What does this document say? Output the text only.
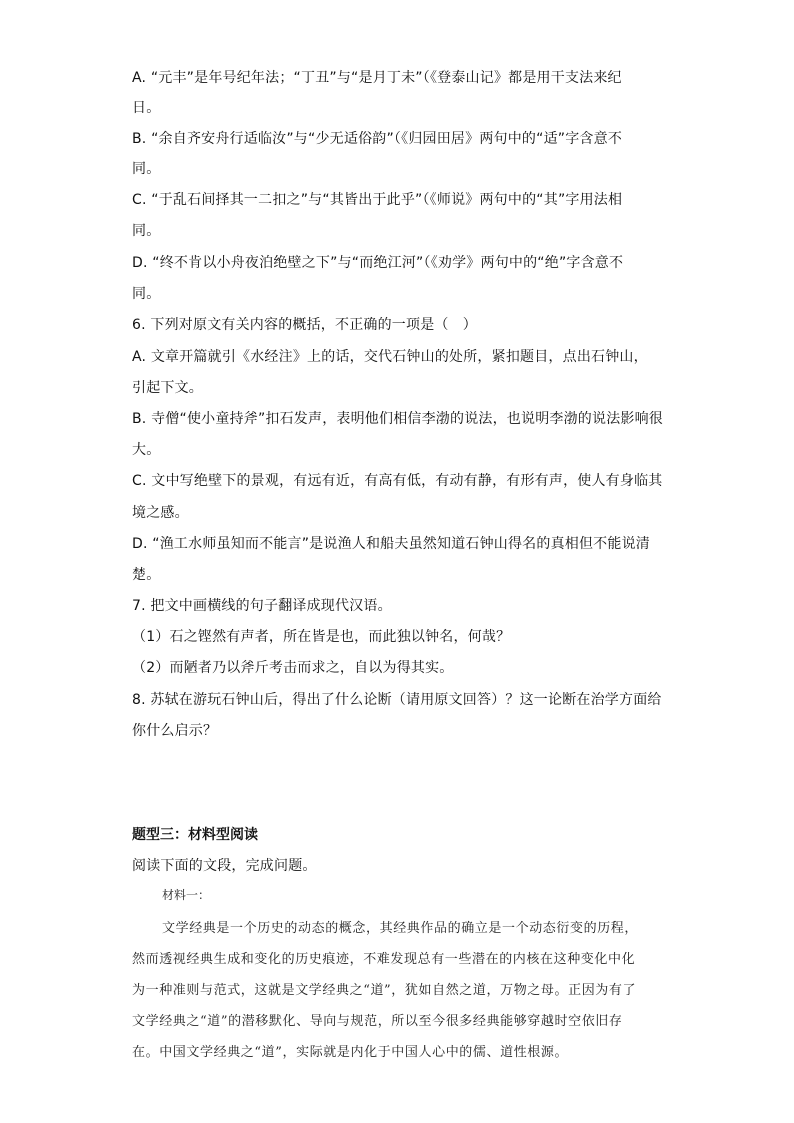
A. “元丰”是年号纪年法；“丁丑”与“是月丁未”（《登泰山记》都是用干支法来纪
日。
B. “余自齐安舟行适临汝”与“少无适俗韵”（《归园田居》两句中的“适”字含意不
同。
C. “于乱石间择其一二扣之”与“其皆出于此乎”（《师说》两句中的“其”字用法相
同。
D. “终不肯以小舟夜泊绝壁之下”与“而绝江河”（《劝学》两句中的“绝”字含意不
同。
6. 下列对原文有关内容的概括，不正确的一项是（　）
A. 文章开篇就引《水经注》上的话，交代石钟山的处所，紧扣题目，点出石钟山，
引起下文。
B. 寺僧“使小童持斧”扣石发声，表明他们相信李渤的说法，也说明李渤的说法影响很
大。
C. 文中写绝壁下的景观，有远有近，有高有低，有动有静，有形有声，使人有身临其
境之感。
D. “渔工水师虽知而不能言”是说渔人和船夫虽然知道石钟山得名的真相但不能说清
楚。
7. 把文中画横线的句子翻译成现代汉语。
（1）石之铿然有声者，所在皆是也，而此独以钟名，何哉？
（2）而陋者乃以斧斤考击而求之，自以为得其实。
8. 苏轼在游玩石钟山后，得出了什么论断（请用原文回答）？这一论断在治学方面给
你什么启示？
题型三：材料型阅读
阅读下面的文段，完成问题。
材料一：
文学经典是一个历史的动态的概念，其经典作品的确立是一个动态衍变的历程，
然而透视经典生成和变化的历史痕迹，不难发现总有一些潜在的内核在这种变化中化
为一种准则与范式，这就是文学经典之“道”，犹如自然之道，万物之母。正因为有了
文学经典之“道”的潜移默化、导向与规范，所以至今很多经典能够穿越时空依旧存
在。中国文学经典之“道”，实际就是内化于中国人心中的儒、道性根源。
